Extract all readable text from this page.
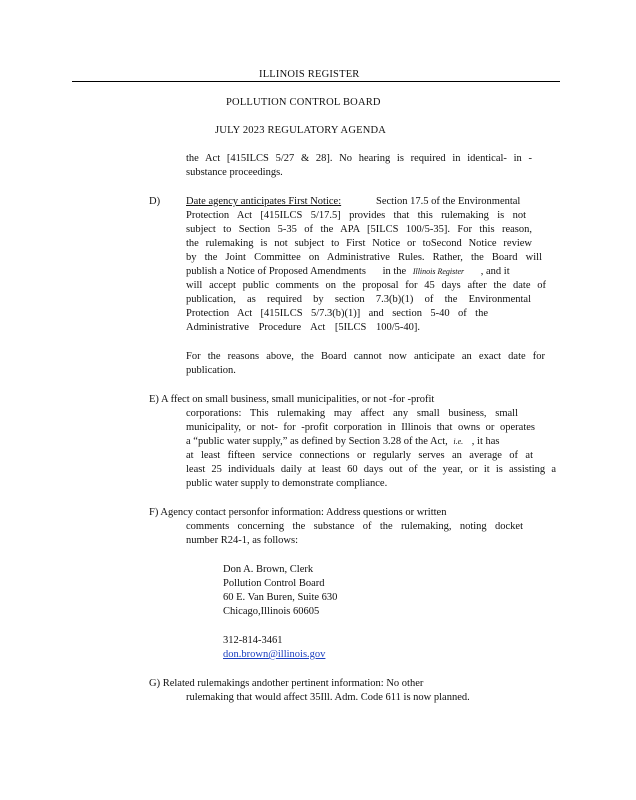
ILLINOIS REGISTER
POLLUTION CONTROL BOARD
JULY 2023 REGULATORY AGENDA
the Act [415ILCS 5/27 & 28]. No hearing is required in identical- in -
substance proceedings.
D) Date agency anticipates First Notice:	Section 17.5 of the Environmental
Protection Act [415ILCS 5/17.5] provides that this rulemaking is not
subject to Section 5-35 of the APA [5ILCS 100/5-35]. For this reason,
the rulemaking is not subject to First Notice or toSecond Notice review
by the Joint Committee on Administrative Rules. Rather, the Board will
publish a Notice of Proposed Amendments in the Illinois Register , and it
will accept public comments on the proposal for 45 days after the date of
publication, as required by section 7.3(b)(1) of the Environmental
Protection Act [415ILCS 5/7.3(b)(1)] and section 5-40 of the
Administrative Procedure Act [5ILCS 100/5-40].
For the reasons above, the Board cannot now anticipate an exact date for
publication.
E) A ffect on small business, small municipalities, or not -for -profit
corporations: This rulemaking may affect any small business, small
municipality, or not- for -profit corporation in Illinois that owns or operates
a “public water supply,” as defined by Section 3.28 of the Act, i.e. , it has
at least fifteen service connections or regularly serves an average of at
least 25 individuals daily at least 60 days out of the year, or it is assisting a
public water supply to demonstrate compliance.
F) Agency contact personfor information: Address questions or written
comments concerning the substance of the rulemaking, noting docket
number R24-1, as follows:
Don A. Brown, Clerk
Pollution Control Board
60 E. Van Buren, Suite 630
Chicago,Illinois 60605
312-814-3461
don.brown@illinois.gov
G) Related rulemakings andother pertinent information: No other
rulemaking that would affect 35Ill. Adm. Code 611 is now planned.
